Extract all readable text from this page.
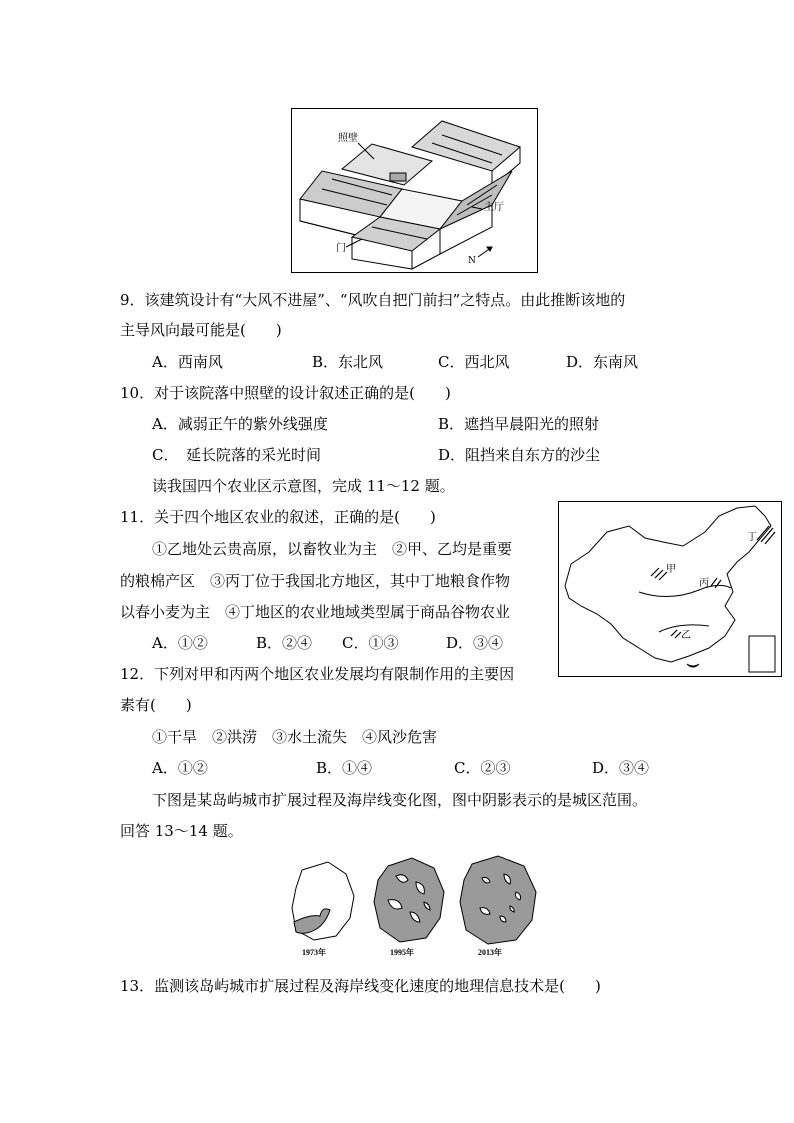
照壁
主厅
门
N
9．该建筑设计有“大风不进屋”、“风吹自把门前扫”之特点。由此推断该地的
主导风向最可能是(　　)
A．西南风	B．东北风	C．西北风	D．东南风
10．对于该院落中照壁的设计叙述正确的是(　　)
A．减弱正午的紫外线强度	B．遮挡早晨阳光的照射
C．　延长院落的采光时间	D．阻挡来自东方的沙尘
读我国四个农业区示意图，完成 11～12 题。
11．关于四个地区农业的叙述，正确的是(　　)
①乙地处云贵高原，以畜牧业为主　②甲、乙均是重要
的粮棉产区　③丙丁位于我国北方地区，其中丁地粮食作物
以春小麦为主　④丁地区的农业地域类型属于商品谷物农业
A．①②	B．②④ C．①③	D．③④
甲
乙
丙
丁
12．下列对甲和丙两个地区农业发展均有限制作用的主要因
素有(　　)
①干旱　②洪涝　③水土流失　④风沙危害
A．①②	B．①④	C．②③	D．③④
下图是某岛屿城市扩展过程及海岸线变化图，图中阴影表示的是城区范围。
回答 13～14 题。
1973年	1995年	2013年
13．监测该岛屿城市扩展过程及海岸线变化速度的地理信息技术是(　　)
